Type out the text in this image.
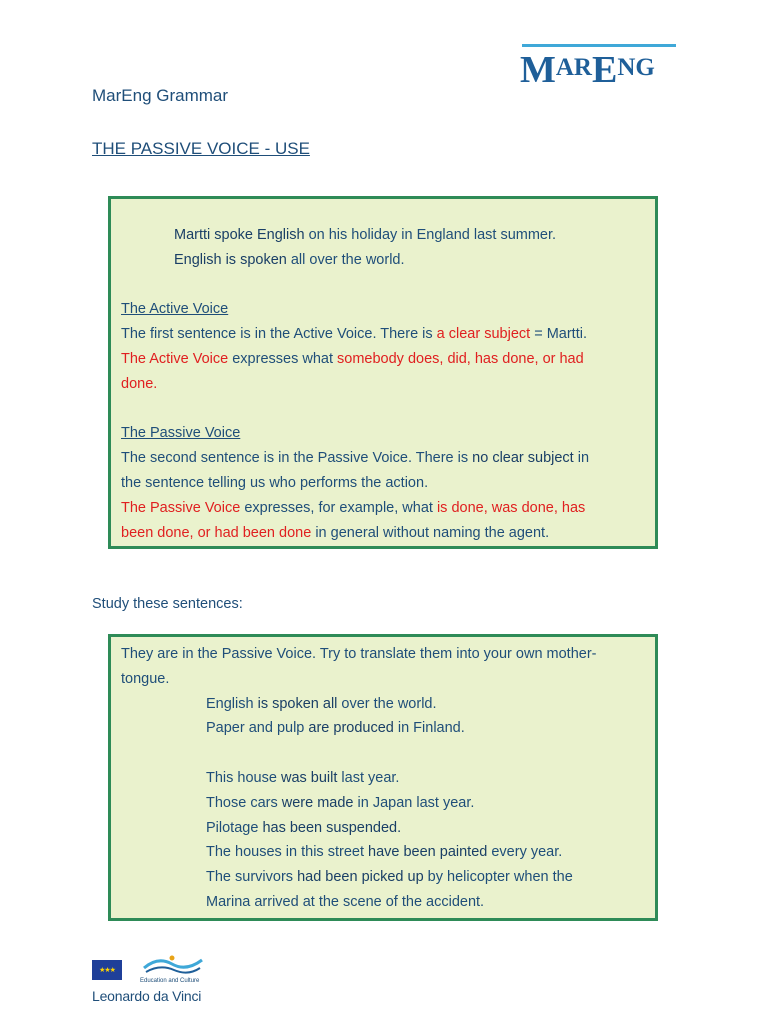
MARENG
MarEng Grammar
THE PASSIVE VOICE - USE
Martti spoke English on his holiday in England last summer.
English is spoken all over the world.
The Active Voice
The first sentence is in the Active Voice. There is a clear subject = Martti.
The Active Voice expresses what somebody does, did, has done, or had
done.
The Passive Voice
The second sentence is in the Passive Voice. There is no clear subject in
the sentence telling us who performs the action.
The Passive Voice expresses, for example, what is done, was done, has
been done, or had been done in general without naming the agent.
Study these sentences:
They are in the Passive Voice. Try to translate them into your own mother-
tongue.
English is spoken all over the world.
Paper and pulp are produced in Finland.
This house was built last year.
Those cars were made in Japan last year.
Pilotage has been suspended.
The houses in this street have been painted every year.
The survivors had been picked up by helicopter when the
Marina arrived at the scene of the accident.
★★★
Education and Culture
Leonardo da Vinci
